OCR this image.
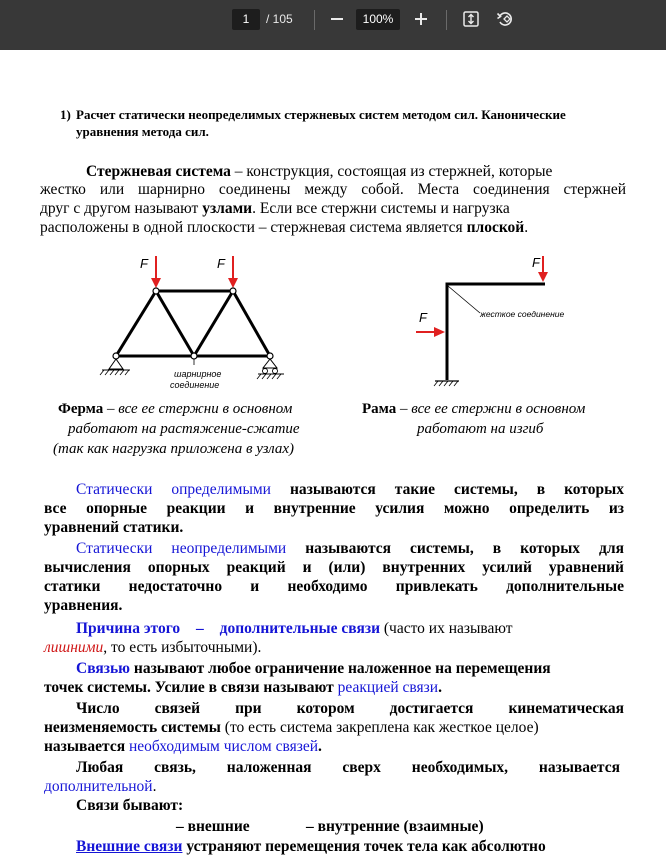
1	/ 105	100%
1) Расчет статически неопределимых стержневых систем методом сил. Канонические
уравнения метода сил.
Стержневая система – конструкция, состоящая из стержней, которые
жестко или шарнирно соединены между собой. Места соединения стержней
друг с другом называют узлами. Если все стержни системы и нагрузка
расположены в одной плоскости – стержневая система является плоской.
F	F
шарнирное
соединение
F
F	жесткое соединение
Ферма – все ее стержни в основном
работают на растяжение-сжатие
(так как нагрузка приложена в узлах)
Рама – все ее стержни в основном
работают на изгиб
Статически определимыми называются такие системы, в которых
все опорные реакции и внутренние усилия можно определить из
уравнений статики.
Статически неопределимыми называются системы, в которых для
вычисления опорных реакций и (или) внутренних усилий уравнений
статики недостаточно и необходимо привлекать дополнительные
уравнения.
Причина этого – дополнительные связи (часто их называют
лишними, то есть избыточными).
Связью называют любое ограничение наложенное на перемещения
точек системы. Усилие в связи называют реакцией связи.
Число связей при котором достигается кинематическая
неизменяемость системы (то есть система закреплена как жесткое целое)
называется необходимым числом связей.
Любая связь, наложенная сверх необходимых, называется
дополнительной.
Связи бывают:
– внешние	– внутренние (взаимные)
Внешние связи устраняют перемещения точек тела как абсолютно
